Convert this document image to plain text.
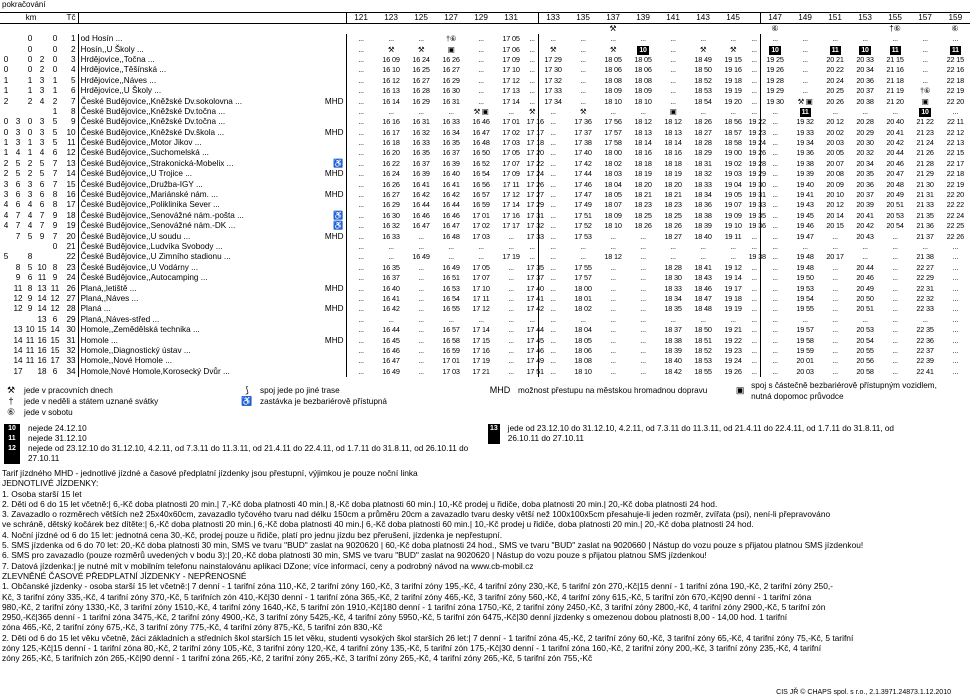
pokračování
km					Tč		121	123	125	127	129	131		133	135	137	139	141	143	145		147	149	151	153	155	157	159
																⚒						⑥				†⑥		⑥
		0		0	1	od Hosín ...	...	...	...	†⑥	...	17 05	...	...	...	...	...	...	...	...	...	...	...	...	...	...	...	...
		0		0	2	Hosín,,U Školy ...	...	⚒	⚒	▣	...	17 06	...	⚒	...	⚒	10	...	⚒	⚒	...	10	...	11	10	11	...	11
0		0	2	0	3	Hrdějovice,,Točna ...	...	16 09	16 24	16 26	...	17 09	...	17 29	...	18 05	18 05	...	18 49	19 15	...	19 25	...	20 21	20 33	21 15	...	22 15
0		0	2	0	4	Hrdějovice,,Těšínská ...	...	16 10	16 25	16 27	...	17 10	...	17 30	...	18 06	18 06	...	18 50	19 16	...	19 26	...	20 22	20 34	21 16	...	22 16
1		1	3	1	5	Hrdějovice,,Náves ...	...	16 12	16 27	16 29	...	17 12	...	17 32	...	18 08	18 08	...	18 52	19 18	...	19 28	...	20 24	20 36	21 18	...	22 18
1		1	3	1	6	Hrdějovice,,U Školy ...	...	16 13	16 28	16 30	...	17 13	...	17 33	...	18 09	18 09	...	18 53	19 19	...	19 29	...	20 25	20 37	21 19	†⑥	22 19
2		2	4	2	7	České Budějovice,,Kněžské Dv.sokolovna ... MHD	...	16 14	16 29	16 31	...	17 14	...	17 34	...	18 10	18 10	...	18 54	19 20	...	19 30	⚒ ▣	20 26	20 38	21 20	▣	22 20
				1	8	České Budějovice,,Kněžské Dv.točna ...	...	...	...	...	⚒ ▣	...	⚒	...	⚒	...	...	▣	...	...	...	...	11	...	...	...	10	...
0	3	0	3	5	9	České Budějovice,,Kněžské Dv.točna ...	...	16 16	16 31	16 33	16 46	17 01	17 16	...	17 36	17 56	18 12	18 12	18 26	18 56	19 22	...	19 32	20 12	20 28	20 40	21 22	22 11
0	3	0	3	5	10	České Budějovice,,Kněžské Dv.škola ... MHD	...	16 17	16 32	16 34	16 47	17 02	17 17	...	17 37	17 57	18 13	18 13	18 27	18 57	19 23	...	19 33	20 02	20 29	20 41	21 23	22 12
1	3	1	3	5	11	České Budějovice,,Motor Jikov ...	...	16 18	16 33	16 35	16 48	17 03	17 18	...	17 38	17 58	18 14	18 14	18 28	18 58	19 24	...	19 34	20 03	20 30	20 42	21 24	22 13
1	4	1	4	6	12	České Budějovice,,Suchomelská ...	...	16 20	16 35	16 37	16 50	17 05	17 20	...	17 40	18 00	18 16	18 16	18 29	19 00	19 26	...	19 36	20 05	20 32	20 44	21 26	22 15
2	5	2	5	7	13	České Budějovice,,Strakonická-Mobelix ... ♿	...	16 22	16 37	16 39	16 52	17 07	17 22	...	17 42	18 02	18 18	18 18	18 31	19 02	19 28	...	19 38	20 07	20 34	20 46	21 28	22 17
2	5	2	5	7	14	České Budějovice,,U Trojice ... MHD	...	16 24	16 39	16 40	16 54	17 09	17 24	...	17 44	18 03	18 19	18 19	18 32	19 03	19 29	...	19 39	20 08	20 35	20 47	21 29	22 18
3	6	3	6	7	15	České Budějovice,,Družba-IGY ...	...	16 26	16 41	16 41	16 56	17 11	17 26	...	17 46	18 04	18 20	18 20	18 33	19 04	19 30	...	19 40	20 09	20 36	20 48	21 30	22 19
3	6	3	6	8	16	České Budějovice,,Mariánské nám. ... MHD	...	16 27	16 42	16 42	16 57	17 12	17 27	...	17 47	18 05	18 21	18 21	18 34	19 05	19 31	...	19 41	20 10	20 37	20 49	21 31	22 20
4	6	4	6	8	17	České Budějovice,,Poliklinika Sever ...	...	16 29	16 44	16 44	16 59	17 14	17 29	...	17 49	18 07	18 23	18 23	18 36	19 07	19 33	...	19 43	20 12	20 39	20 51	21 33	22 22
4	7	4	7	9	18	České Budějovice,,Senovážné nám.-pošta ... ♿	...	16 30	16 46	16 46	17 01	17 16	17 31	...	17 51	18 09	18 25	18 25	18 38	19 09	19 35	...	19 45	20 14	20 41	20 53	21 35	22 24
4	7	4	7	9	19	České Budějovice,,Senovážné nám.-DK ... ♿	...	16 32	16 47	16 47	17 02	17 17	17 32	...	17 52	18 10	18 26	18 26	18 39	19 10	19 36	...	19 46	20 15	20 42	20 54	21 36	22 25
	7	5	9	7	20	České Budějovice,,U soudu ... MHD	...	16 33	...	16 48	17 03	...	17 33	...	17 53	...	...	18 27	18 40	19 11	...	...	19 47	...	20 43	...	21 37	22 26
				0	21	České Budějovice,,Ludvíka Svobody ...	...	...	...	...	...	...	...	...	...	...	...	...	...	...	...	...	...	...	...	...	...	...
5		8			22	České Budějovice,,U Zimního stadionu ...	...	...	16 49	...	...	17 19	...	...	...	18 12	...	...	...	...	19 38	...	19 48	20 17	...	...	21 38	...
	8	5	10	8	23	České Budějovice,,U Vodárny ...	...	16 35	...	16 49	17 05	...	17 35	...	17 55	...	...	18 28	18 41	19 12	...	...	19 48	...	20 44	...	22 27	...
	9	6	11	9	24	České Budějovice,,Autocamping ...	...	16 37	...	16 51	17 07	...	17 37	...	17 57	...	...	18 30	18 43	19 14	...	...	19 50	...	20 46	...	22 29	...
	11	8	13	11	26	Planá,,letiště ... MHD	...	16 40	...	16 53	17 10	...	17 40	...	18 00	...	...	18 33	18 46	19 17	...	...	19 53	...	20 49	...	22 31	...
	12	9	14	12	27	Planá,,Náves ...	...	16 41	...	16 54	17 11	...	17 41	...	18 01	...	...	18 34	18 47	19 18	...	...	19 54	...	20 50	...	22 32	...
	12	9	14	12	28	Planá ... MHD	...	16 42	...	16 55	17 12	...	17 42	...	18 02	...	...	18 35	18 48	19 19	...	...	19 55	...	20 51	...	22 33	...
			13	6	29	Planá,,Náves-střed ...	...	...	...	...	...	...	...	...	...	...	...	...	...	...	...	...	...	...	...	...	...	...
	13	10	15	14	30	Homole,,Zemědělská technika ...	...	16 44	...	16 57	17 14	...	17 44	...	18 04	...	...	18 37	18 50	19 21	...	...	19 57	...	20 53	...	22 35	...
	14	11	16	15	31	Homole ... MHD	...	16 45	...	16 58	17 15	...	17 45	...	18 05	...	...	18 38	18 51	19 22	...	...	19 58	...	20 54	...	22 36	...
	14	11	16	15	32	Homole,,Diagnostický ústav ...	...	16 46	...	16 59	17 16	...	17 46	...	18 06	...	...	18 39	18 52	19 23	...	...	19 59	...	20 55	...	22 37	...
	14	11	16	17	33	Homole,,Nové Homole ...	...	16 47	...	17 01	17 19	...	17 49	...	18 08	...	...	18 40	18 53	19 24	...	...	20 01	...	20 56	...	22 39	...
	17		18	6	34	Homole,Nové Homole,Koroseck‎ý Dvůr ...	...	16 49	...	17 03	17 21	...	17 51	...	18 10	...	...	18 42	18 55	19 26	...	...	20 03	...	20 58	...	22 41	...
⚒	jede v pracovních dnech
†	jede v neděli a státem uznané svátky
⑥	jede v sobotu
⟆	spoj jede po jiné trase
♿ zastávka je bezbariérově přístupná
MHD možnost přestupu na městskou hromadnou dopravu	▣ spoj s částečně bezbariérově přístupným vozidlem, nutná dopomoc průvodce
10	nejede 24.12.10
11	nejede 31.12.10
12	nejede od 23.12.10 do 31.12.10, 4.2.11, od 7.3.11 do 11.3.11, od 21.4.11 do 22.4.11, od 1.7.11 do 31.8.11, od 26.10.11 do 27.10.11
13 jede od 23.12.10 do 31.12.10, 4.2.11, od 7.3.11 do 11.3.11, od 21.4.11 do 22.4.11, od 1.7.11 do 31.8.11, od 26.10.11 do 27.10.11

Tarif jízdného MHD - jednotlivé jízdné a časové předplatní jízdenky jsou přestupní, výjimkou je pouze noční linka

JEDNOTLIVÉ JÍZDENKY:

1. Osoba starší 15 let

2. Děti od 6 do 15 let včetně:| 6,-Kč doba platnosti 20 min.| 7,-Kč doba platnosti 40 min.| 8,-Kč doba platnosti 60 min.| 10,-Kč prodej u řidiče, doba platnosti 20 min.| 20,-Kč doba platnosti 24 hod.

3. Zavazadlo o rozměrech větších než 25x40x60cm, zavazadlo tyčového tvaru nad délku 150cm a průměru 20cm a zavazadlo tvaru desky větší než 100x100x5cm přesahuje-li jeden rozměr, zvířata (psi), není-li přepravováno

ve schráně, dětský kočárek bez dítěte:| 6,-Kč doba platnosti 20 min.| 6,-Kč doba platnosti 40 min.| 6,-Kč doba platnosti 60 min.| 10,-Kč prodej u řidiče, doba platnosti 20 min.| 20,-Kč doba platnosti 24 hod.

4. Noční jízdné od 6 do 15 let: jednotná cena 30,-Kč, prodej pouze u řidiče, platí pro jednu jízdu bez přerušení, jízdenka je nepřestupní.

5. SMS jízdenka od 6 do 70 let: 20,-Kč doba platnosti 30 min, SMS ve tvaru "BUD" zaslat na 9020620 | 60,-Kč doba platnosti 24 hod., SMS ve tvaru "BUD" zaslat na 9020660 | Nástup do vozu pouze s přijatou platnou SMS jízdenkou!

6. SMS pro zavazadlo (pouze rozměrů uvedených v bodu 3):| 20,-Kč doba platnosti 30 min, SMS ve tvaru "BUD" zaslat na 9020620 | Nástup do vozu pouze s přijatou platnou SMS jízdenkou!

7. Datová jízdenka:| je nutné mít v mobilním telefonu nainstalovánu aplikaci DZone; více informací, ceny a podrobný návod na www.cb-mobil.cz

ZLEVNĚNÉ ČASOVÉ PŘEDPLATNÍ JÍZDENKY - NEPŘENOSNÉ

1. Občanské jízdenky - osoba starší 15 let včetně:| 7 denní - 1 tarifní zóna 110,-Kč, 2 tarifní zóny 160,-Kč, 3 tarifní zóny 195,-Kč, 4 tarifní zóny 230,-Kč, 5 tarifní zón 270,-Kč|15 denní - 1 tarifní zóna 190,-Kč, 2 tarifní zóny 250,-

Kč, 3 tarifní zóny 335,-Kč, 4 tarifní zóny 370,-Kč, 5 tarifních zón 410,-Kč|30 denní - 1 tarifní zóna 365,-Kč, 2 tarifní zóny 465,-Kč, 3 tarifní zóny 560,-Kč, 4 tarifní zóny 615,-Kč, 5 tarifní zón 670,-Kč|90 denní - 1 tarifní zóna

980,-Kč, 2 tarifní zóny 1330,-Kč, 3 tarifní zóny 1510,-Kč, 4 tarifní zóny 1640,-Kč, 5 tarifní zón 1910,-Kč|180 denní - 1 tarifní zóna 1750,-Kč, 2 tarifní zóny 2450,-Kč, 3 tarifní zóny 2800,-Kč, 4 tarifní zóny 2900,-Kč, 5 tarifní zón

2950,-Kč|365 denní - 1 tarifní zóna 3475,-Kč, 2 tarifní zóny 4900,-Kč, 3 tarifní zóny 5425,-Kč, 4 tarifní zóny 5950,-Kč, 5 tarifní zón 6475,-Kč|30 denní jízdenky s omezenou dobou platnosti 8,00 - 14,00 hod. 1 tarifní

zóna 465,-Kč, 2 tarifní zóny 675,-Kč, 3 tarifní zóny 775,-Kč, 4 tarifní zóny 875,-Kč, 5 tarifní zón 830,-Kč

2. Děti od 6 do 15 let věku včetně, žáci základních a středních škol starších 15 let věku, studenti vysokých škol starších 26 let:| 7 denní - 1 tarifní zóna 45,-Kč, 2 tarifní zóny 60,-Kč, 3 tarifní zóny 65,-Kč, 4 tarifní zóny 75,-Kč, 5 tarifní

zóny 125,-Kč|15 denní - 1 tarifní zóna 80,-Kč, 2 tarifní zóny 105,-Kč, 3 tarifní zóny 120,-Kč, 4 tarifní zóny 135,-Kč, 5 tarifní zón 175,-Kč|30 denní - 1 tarifní zóna 160,-Kč, 2 tarifní zóny 200,-Kč, 3 tarifní zóny 235,-Kč, 4 tarifní

zóny 265,-Kč, 5 tarifních zón 265,-Kč|90 denní - 1 tarifní zóna 265,-Kč, 2 tarifní zóny 265,-Kč, 3 tarifní zóny 265,-Kč, 4 tarifní zóny 265,-Kč, 5 tarifní zón 755,-Kč

CIS JŘ © CHAPS spol. s r.o., 2.1.3971.24873.1.12.2010
